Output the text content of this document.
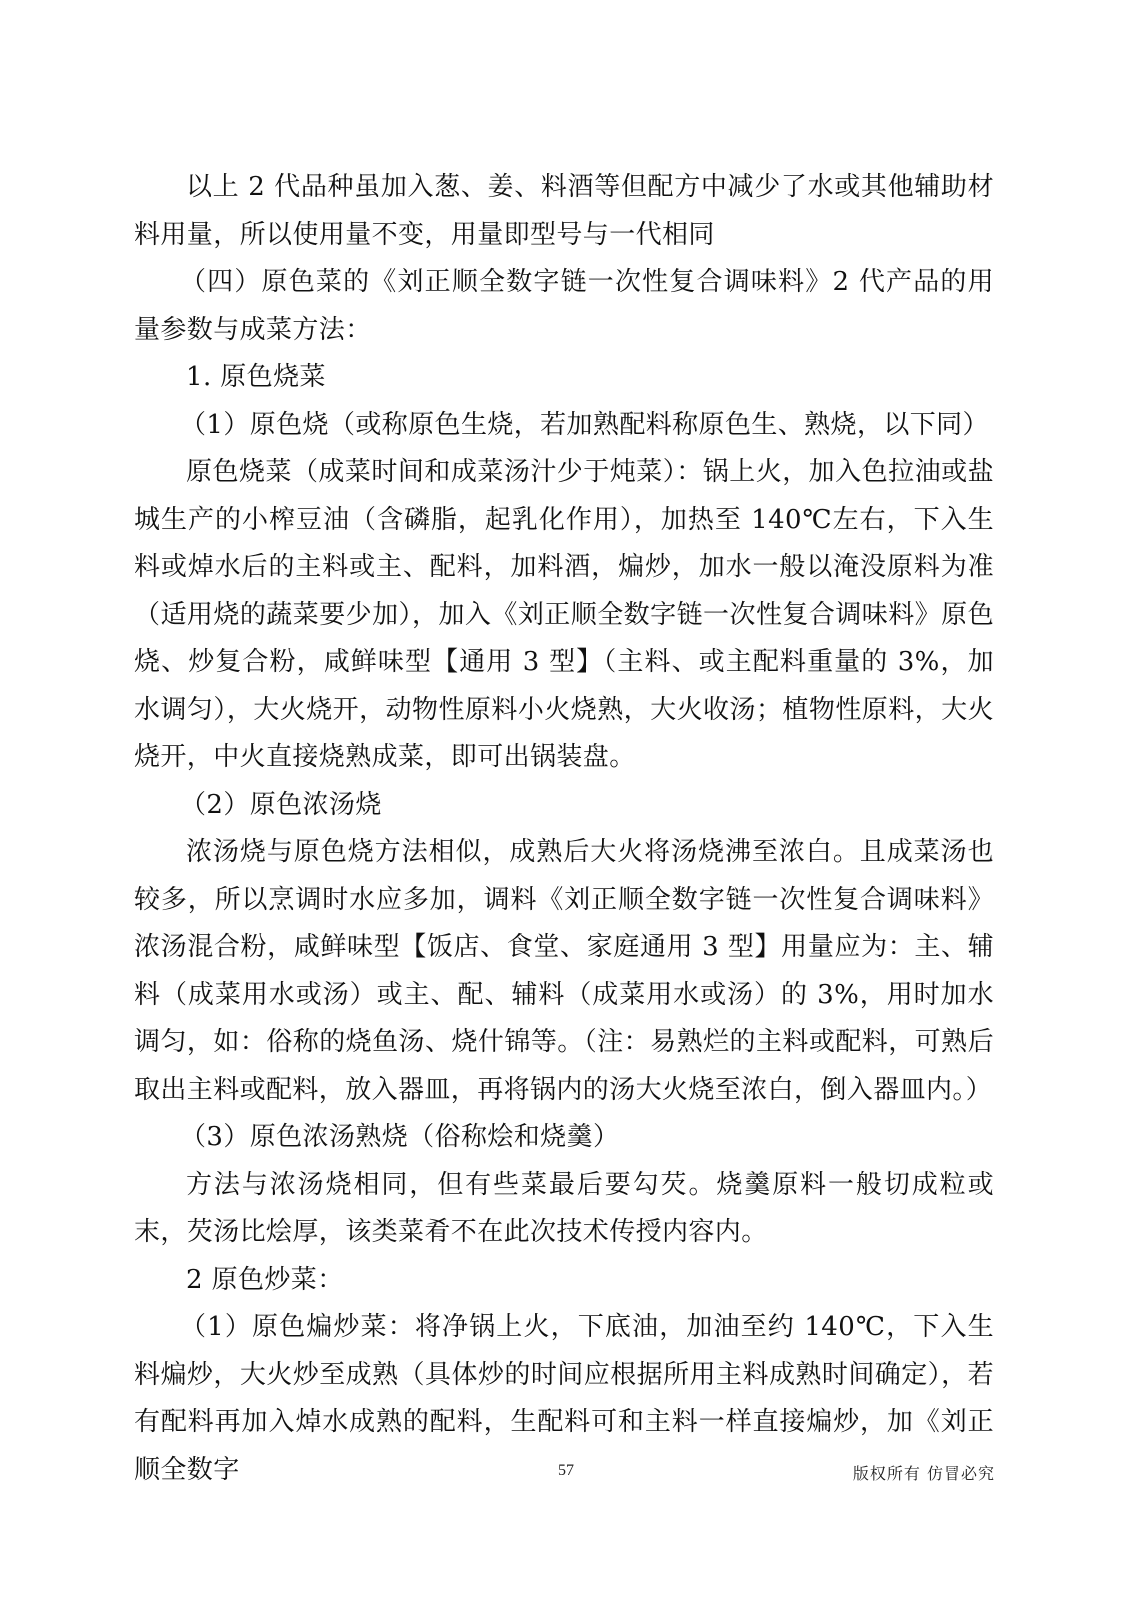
以上 2 代品种虽加入葱、姜、料酒等但配方中减少了水或其他辅助材料用量，所以使用量不变，用量即型号与一代相同

（四）原色菜的《刘正顺全数字链一次性复合调味料》2 代产品的用量参数与成菜方法：

1. 原色烧菜

（1）原色烧（或称原色生烧，若加熟配料称原色生、熟烧，以下同）

原色烧菜（成菜时间和成菜汤汁少于炖菜）：锅上火，加入色拉油或盐城生产的小榨豆油（含磷脂，起乳化作用），加热至 140℃左右，下入生料或焯水后的主料或主、配料，加料酒，煸炒，加水一般以淹没原料为准（适用烧的蔬菜要少加），加入《刘正顺全数字链一次性复合调味料》原色烧、炒复合粉，咸鲜味型【通用 3 型】（主料、或主配料重量的 3%，加水调匀），大火烧开，动物性原料小火烧熟，大火收汤；植物性原料，大火烧开，中火直接烧熟成菜，即可出锅装盘。

（2）原色浓汤烧

浓汤烧与原色烧方法相似，成熟后大火将汤烧沸至浓白。且成菜汤也较多，所以烹调时水应多加，调料《刘正顺全数字链一次性复合调味料》浓汤混合粉，咸鲜味型【饭店、食堂、家庭通用 3 型】用量应为：主、辅料（成菜用水或汤）或主、配、辅料（成菜用水或汤）的 3%，用时加水调匀，如：俗称的烧鱼汤、烧什锦等。（注：易熟烂的主料或配料，可熟后取出主料或配料，放入器皿，再将锅内的汤大火烧至浓白，倒入器皿内。）

（3）原色浓汤熟烧（俗称烩和烧羹）

方法与浓汤烧相同，但有些菜最后要勾芡。烧羹原料一般切成粒或末，芡汤比烩厚，该类菜肴不在此次技术传授内容内。

2 原色炒菜：

（1）原色煸炒菜：将净锅上火，下底油，加油至约 140℃，下入生料煸炒，大火炒至成熟（具体炒的时间应根据所用主料成熟时间确定），若有配料再加入焯水成熟的配料，生配料可和主料一样直接煸炒，加《刘正顺全数字	57	版权所有 仿冒必究
